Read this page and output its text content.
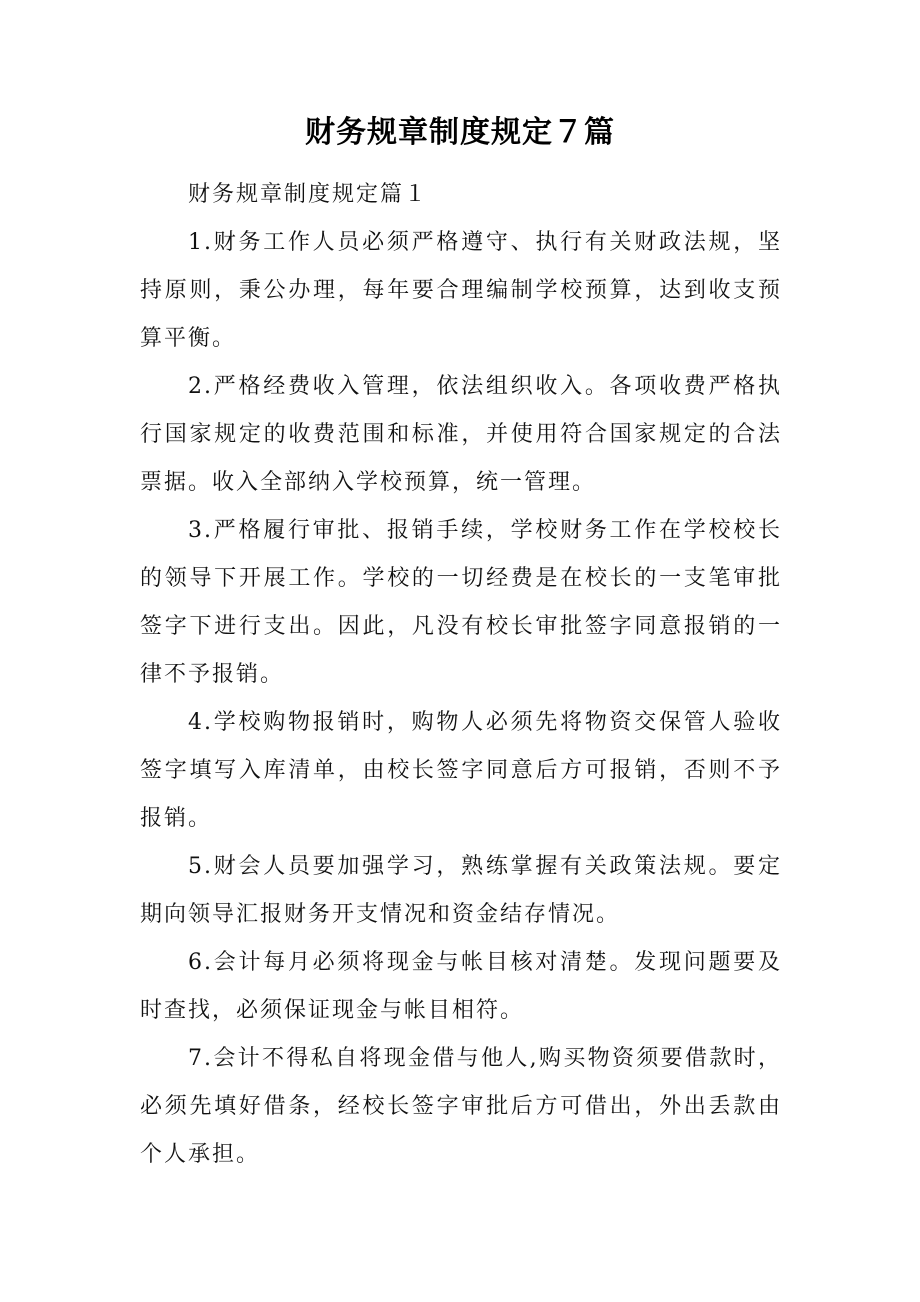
财务规章制度规定７篇

财务规章制度规定篇１

1.财务工作人员必须严格遵守、执行有关财政法规，坚持原则，秉公办理，每年要合理编制学校预算，达到收支预算平衡。

2.严格经费收入管理，依法组织收入。各项收费严格执行国家规定的收费范围和标准，并使用符合国家规定的合法票据。收入全部纳入学校预算，统一管理。

3.严格履行审批、报销手续，学校财务工作在学校校长的领导下开展工作。学校的一切经费是在校长的一支笔审批签字下进行支出。因此，凡没有校长审批签字同意报销的一律不予报销。

4.学校购物报销时，购物人必须先将物资交保管人验收签字填写入库清单，由校长签字同意后方可报销，否则不予报销。

5.财会人员要加强学习，熟练掌握有关政策法规。要定期向领导汇报财务开支情况和资金结存情况。

6.会计每月必须将现金与帐目核对清楚。发现问题要及时查找，必须保证现金与帐目相符。

7.会计不得私自将现金借与他人,购买物资须要借款时，必须先填好借条，经校长签字审批后方可借出，外出丢款由个人承担。
